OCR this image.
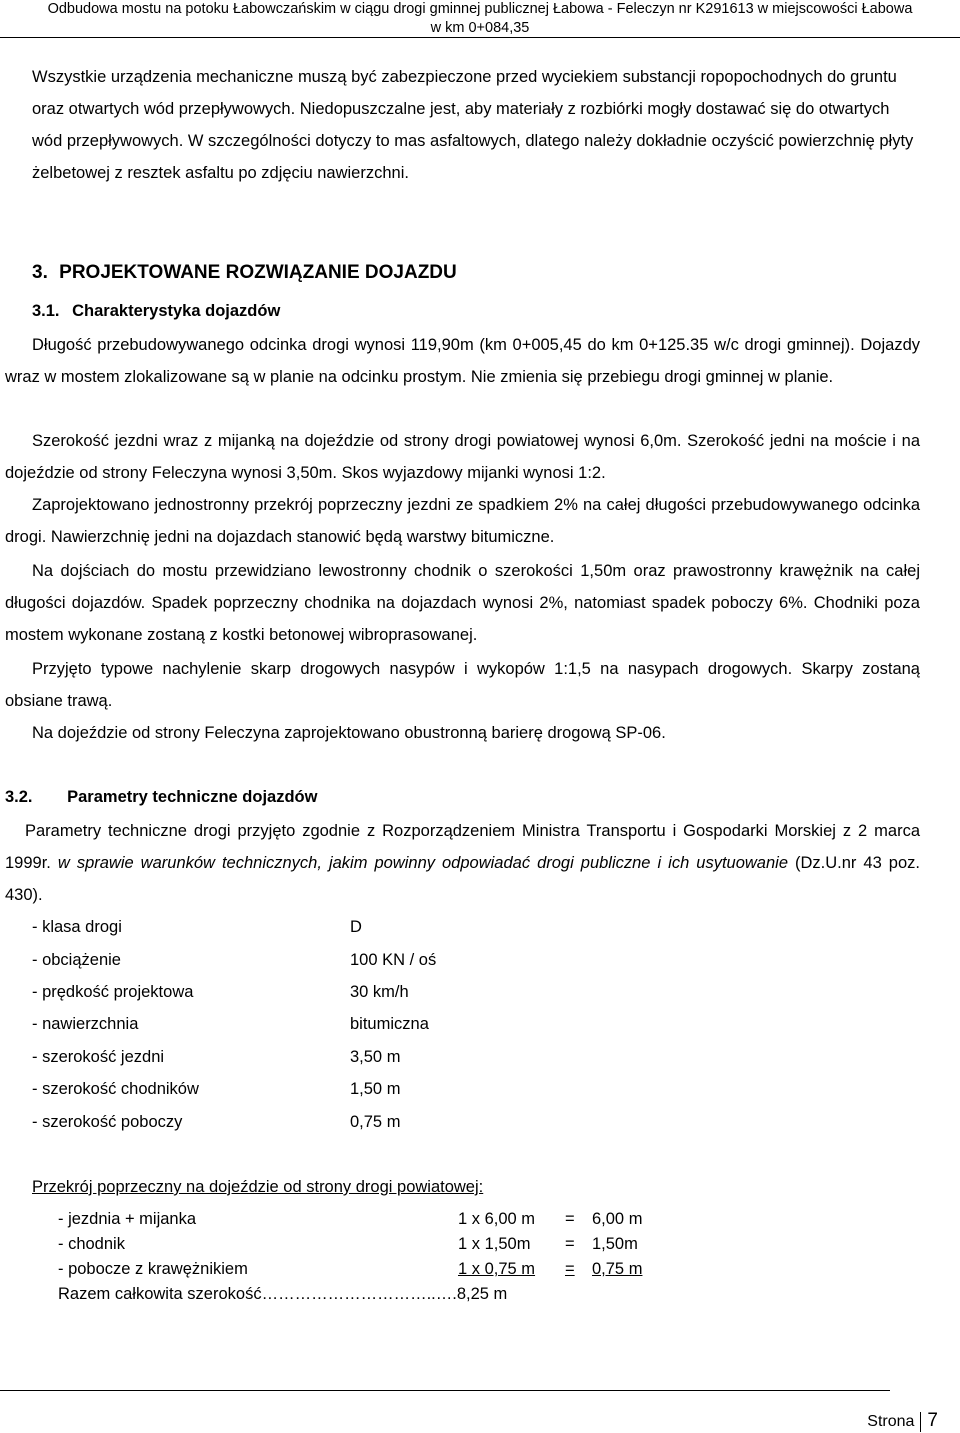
Odbudowa mostu na potoku Łabowczańskim w ciągu drogi gminnej publicznej Łabowa - Feleczyn nr K291613 w miejscowości Łabowa
w km 0+084,35
Wszystkie urządzenia mechaniczne muszą być zabezpieczone przed wyciekiem substancji ropopochodnych do gruntu oraz otwartych wód przepływowych. Niedopuszczalne jest, aby materiały z rozbiórki mogły dostawać się do otwartych wód przepływowych. W szczególności dotyczy to mas asfaltowych, dlatego należy dokładnie oczyścić powierzchnię płyty żelbetowej z resztek asfaltu po zdjęciu nawierzchni.
3. PROJEKTOWANE ROZWIĄZANIE DOJAZDU
3.1. Charakterystyka dojazdów
Długość przebudowywanego odcinka drogi wynosi 119,90m (km 0+005,45 do km 0+125.35 w/c drogi gminnej). Dojazdy wraz w mostem zlokalizowane są w planie na odcinku prostym. Nie zmienia się przebiegu drogi gminnej w planie.
Szerokość jezdni wraz z mijanką na dojeździe od strony drogi powiatowej wynosi 6,0m. Szerokość jedni na moście i na dojeździe od strony Feleczyna wynosi 3,50m. Skos wyjazdowy mijanki wynosi 1:2.
Zaprojektowano jednostronny przekrój poprzeczny jezdni ze spadkiem 2% na całej długości przebudowywanego odcinka drogi. Nawierzchnię jedni na dojazdach stanowić będą warstwy bitumiczne.
Na dojściach do mostu przewidziano lewostronny chodnik o szerokości 1,50m oraz prawostronny krawężnik na całej długości dojazdów. Spadek poprzeczny chodnika na dojazdach wynosi 2%, natomiast spadek poboczy 6%. Chodniki poza mostem wykonane zostaną z kostki betonowej wibroprasowanej.
Przyjęto typowe nachylenie skarp drogowych nasypów i wykopów 1:1,5 na nasypach drogowych. Skarpy zostaną obsiane trawą.
Na dojeździe od strony Feleczyna zaprojektowano obustronną barierę drogową SP-06.
3.2. Parametry techniczne dojazdów
Parametry techniczne drogi przyjęto zgodnie z Rozporządzeniem Ministra Transportu i Gospodarki Morskiej z 2 marca 1999r. w sprawie warunków technicznych, jakim powinny odpowiadać drogi publiczne i ich usytuowanie (Dz.U.nr 43 poz. 430).
- klasa drogi	D
- obciążenie	100 KN / oś
- prędkość projektowa	30 km/h
- nawierzchnia	bitumiczna
- szerokość jezdni	3,50 m
- szerokość chodników	1,50 m
- szerokość poboczy	0,75 m
Przekrój poprzeczny na dojeździe od strony drogi powiatowej:
- jezdnia + mijanka	1 x 6,00 m = 6,00 m
- chodnik	1 x 1,50m = 1,50m
- pobocze z krawężnikiem	1 x 0,75 m = 0,75 m
Razem całkowita szerokość…………………………..….8,25 m
Strona 7
